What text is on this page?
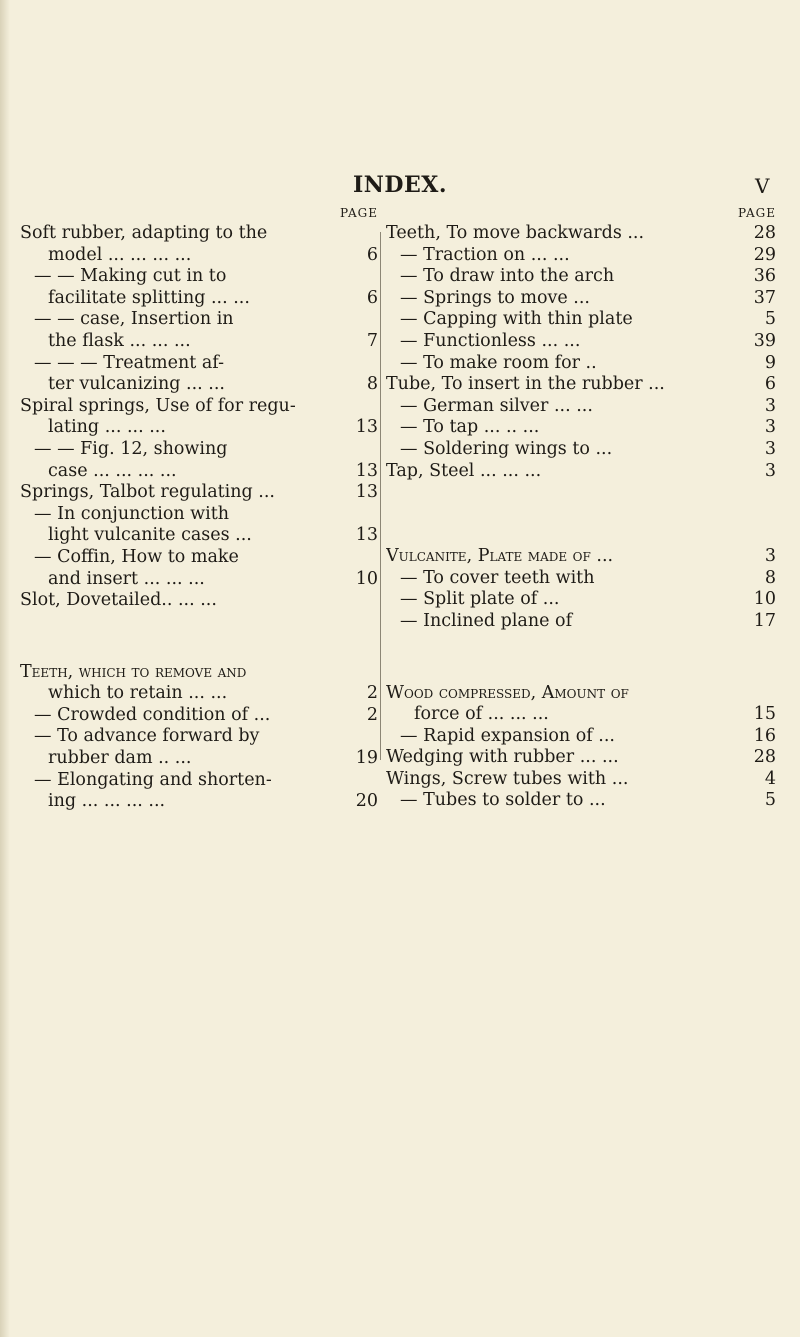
INDEX.	V
PAGE
Soft rubber, adapting to the
model ... ... ... ...	6
— — Making cut in to
facilitate splitting ... ...	6
— — case, Insertion in
the flask ... ... ...	7
— — — Treatment af-
ter vulcanizing ... ...	8
Spiral springs, Use of for regu-
lating ... ... ...	13
— — Fig. 12, showing
case ... ... ... ...	13
Springs, Talbot regulating ...	13
— In conjunction with
light vulcanite cases ...	13
— Coffin, How to make
and insert ... ... ...	10
Slot, Dovetailed.. ... ...
Teeth, which to remove and
which to retain ... ...	2
— Crowded condition of ...	2
— To advance forward by
rubber dam .. ...	19
— Elongating and shorten-
ing ... ... ... ...	20
PAGE
Teeth, To move backwards ...	28
— Traction on ... ...	29
— To draw into the arch	36
— Springs to move ...	37
— Capping with thin plate	5
— Functionless ... ...	39
— To make room for ..	9
Tube, To insert in the rubber ...	6
— German silver ... ...	3
— To tap ... .. ...	3
— Soldering wings to ...	3
Tap, Steel ... ... ...	3
Vulcanite, Plate made of ...	3
— To cover teeth with	8
— Split plate of ...	10
— Inclined plane of	17
Wood compressed, Amount of
force of ... ... ...	15
— Rapid expansion of ...	16
Wedging with rubber ... ...	28
Wings, Screw tubes with ...	4
— Tubes to solder to ...	5
